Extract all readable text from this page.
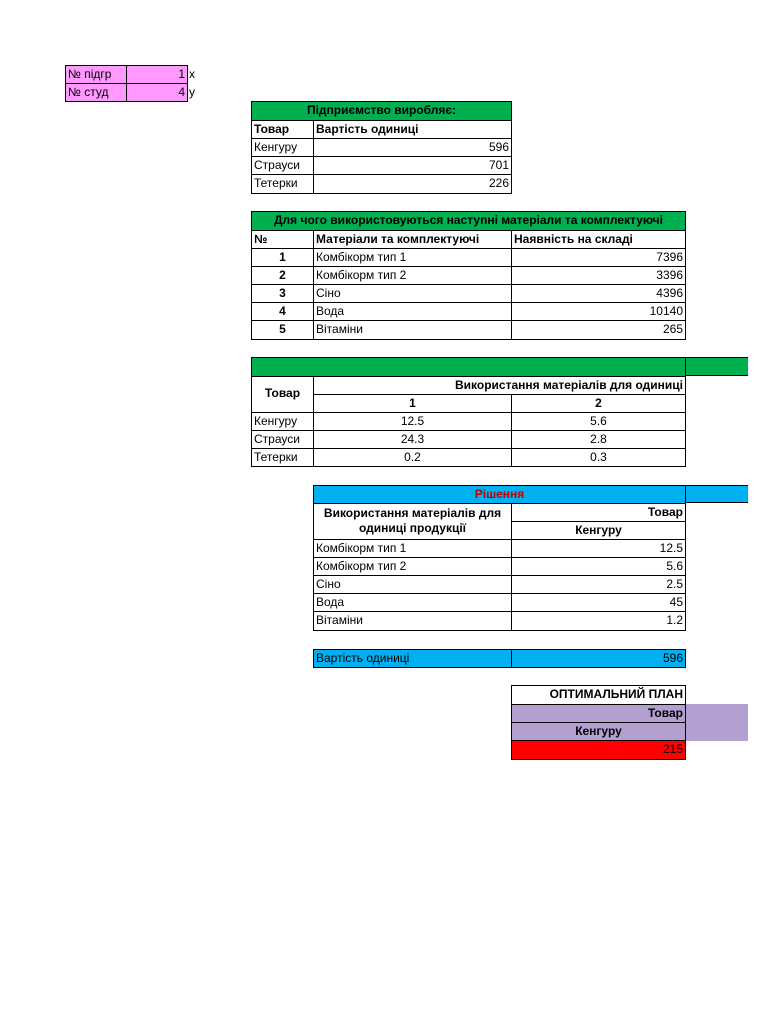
№ підгр	1 x
№ студ	4 y
Підприємство виробляє:
Товар	Вартість одиниці
Кенгуру	596
Страуси	701
Тетерки	226
Для чого використовуються наступні матеріали та комплектуючі
№	Матеріали та комплектуючі	Наявність на складі
1	Комбікорм тип 1	7396
2	Комбікорм тип 2	3396
3	Сіно	4396
4	Вода	10140
5	Вітаміни	265
Товар
Використання матеріалів для одиниці
1	2
Кенгуру	12.5	5.6
Страуси	24.3	2.8
Тетерки	0.2	0.3
Рішення
Використання матеріалів для одиниці продукції
Товар
Кенгуру
Комбікорм тип 1	12.5
Комбікорм тип 2	5.6
Сіно	2.5
Вода	45
Вітаміни	1.2
Вартість одиниці	596
ОПТИМАЛЬНИЙ ПЛАН
Товар
Кенгуру
215
